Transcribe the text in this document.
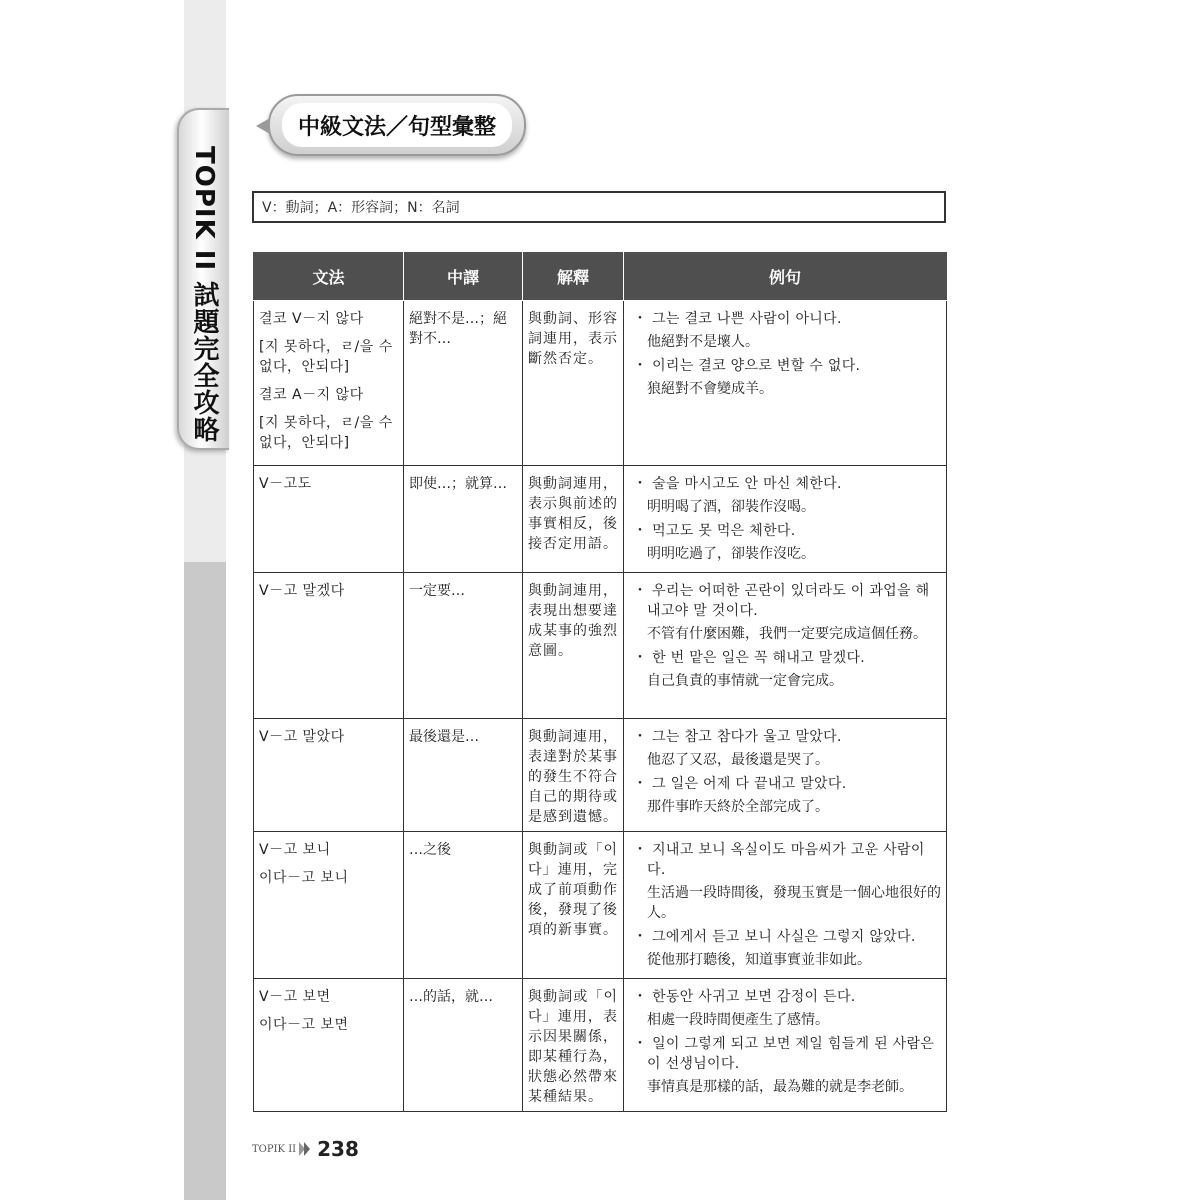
TOPIK II 試題完全攻略
中級文法／句型彙整
V：動詞；A：形容詞；N：名詞
文法	中譯	解釋	例句

결코 V－지 않다
[지 못하다，ㄹ/을 수 없다，안되다]
결코 A－지 않다
[지 못하다，ㄹ/을 수 없다，안되다]	絕對不是…；絕對不…	與動詞、形容詞連用，表示斷然否定。	・ 그는 결코 나쁜 사람이 아니다.
他絕對不是壞人。
・ 이리는 결코 양으로 변할 수 없다.
狼絕對不會變成羊。

V－고도	即使…；就算…	與動詞連用，表示與前述的事實相反，後接否定用語。	・ 술을 마시고도 안 마신 체한다.
明明喝了酒，卻裝作沒喝。
・ 먹고도 못 먹은 체한다.
明明吃過了，卻裝作沒吃。

V－고 말겠다	一定要…	與動詞連用，表現出想要達成某事的強烈意圖。	・ 우리는 어떠한 곤란이 있더라도 이 과업을 해내고야 말 것이다.
不管有什麼困難，我們一定要完成這個任務。
・ 한 번 맡은 일은 꼭 해내고 말겠다.
自己負責的事情就一定會完成。

V－고 말았다	最後還是…	與動詞連用，表達對於某事的發生不符合自己的期待或是感到遺憾。	・ 그는 참고 참다가 울고 말았다.
他忍了又忍，最後還是哭了。
・ 그 일은 어제 다 끝내고 말았다.
那件事昨天終於全部完成了。

V－고 보니
이다－고 보니	…之後	與動詞或「이다」連用，完成了前項動作後，發現了後項的新事實。	・ 지내고 보니 옥실이도 마음씨가 고운 사람이다.
生活過一段時間後，發現玉實是一個心地很好的人。
・ 그에게서 듣고 보니 사실은 그렇지 않았다.
從他那打聽後，知道事實並非如此。

V－고 보면
이다－고 보면	…的話，就…	與動詞或「이다」連用，表示因果關係，即某種行為，狀態必然帶來某種結果。	・ 한동안 사귀고 보면 감정이 든다.
相處一段時間便產生了感情。
・ 일이 그렇게 되고 보면 제일 힘들게 된 사람은 이 선생님이다.
事情真是那樣的話，最為難的就是李老師。
TOPIK II 238
